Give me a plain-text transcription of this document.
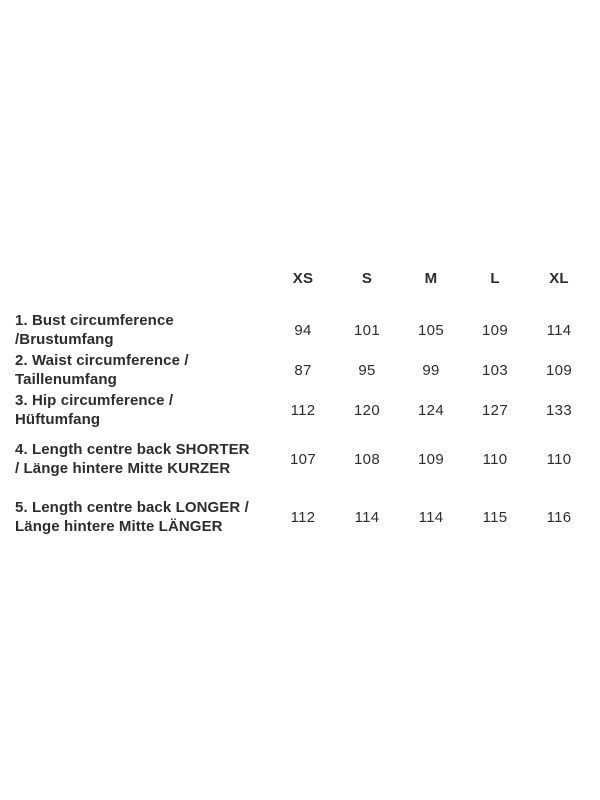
	XS	S	M	L	XL
1. Bust circumference /Brustumfang	94	101	105	109	114
2. Waist circumference / Taillenumfang	87	95	99	103	109
3. Hip circumference / Hüftumfang	112	120	124	127	133
4. Length centre back SHORTER / Länge hintere Mitte KURZER	107	108	109	110	110
5. Length centre back LONGER / Länge hintere Mitte LÄNGER	112	114	114	115	116
